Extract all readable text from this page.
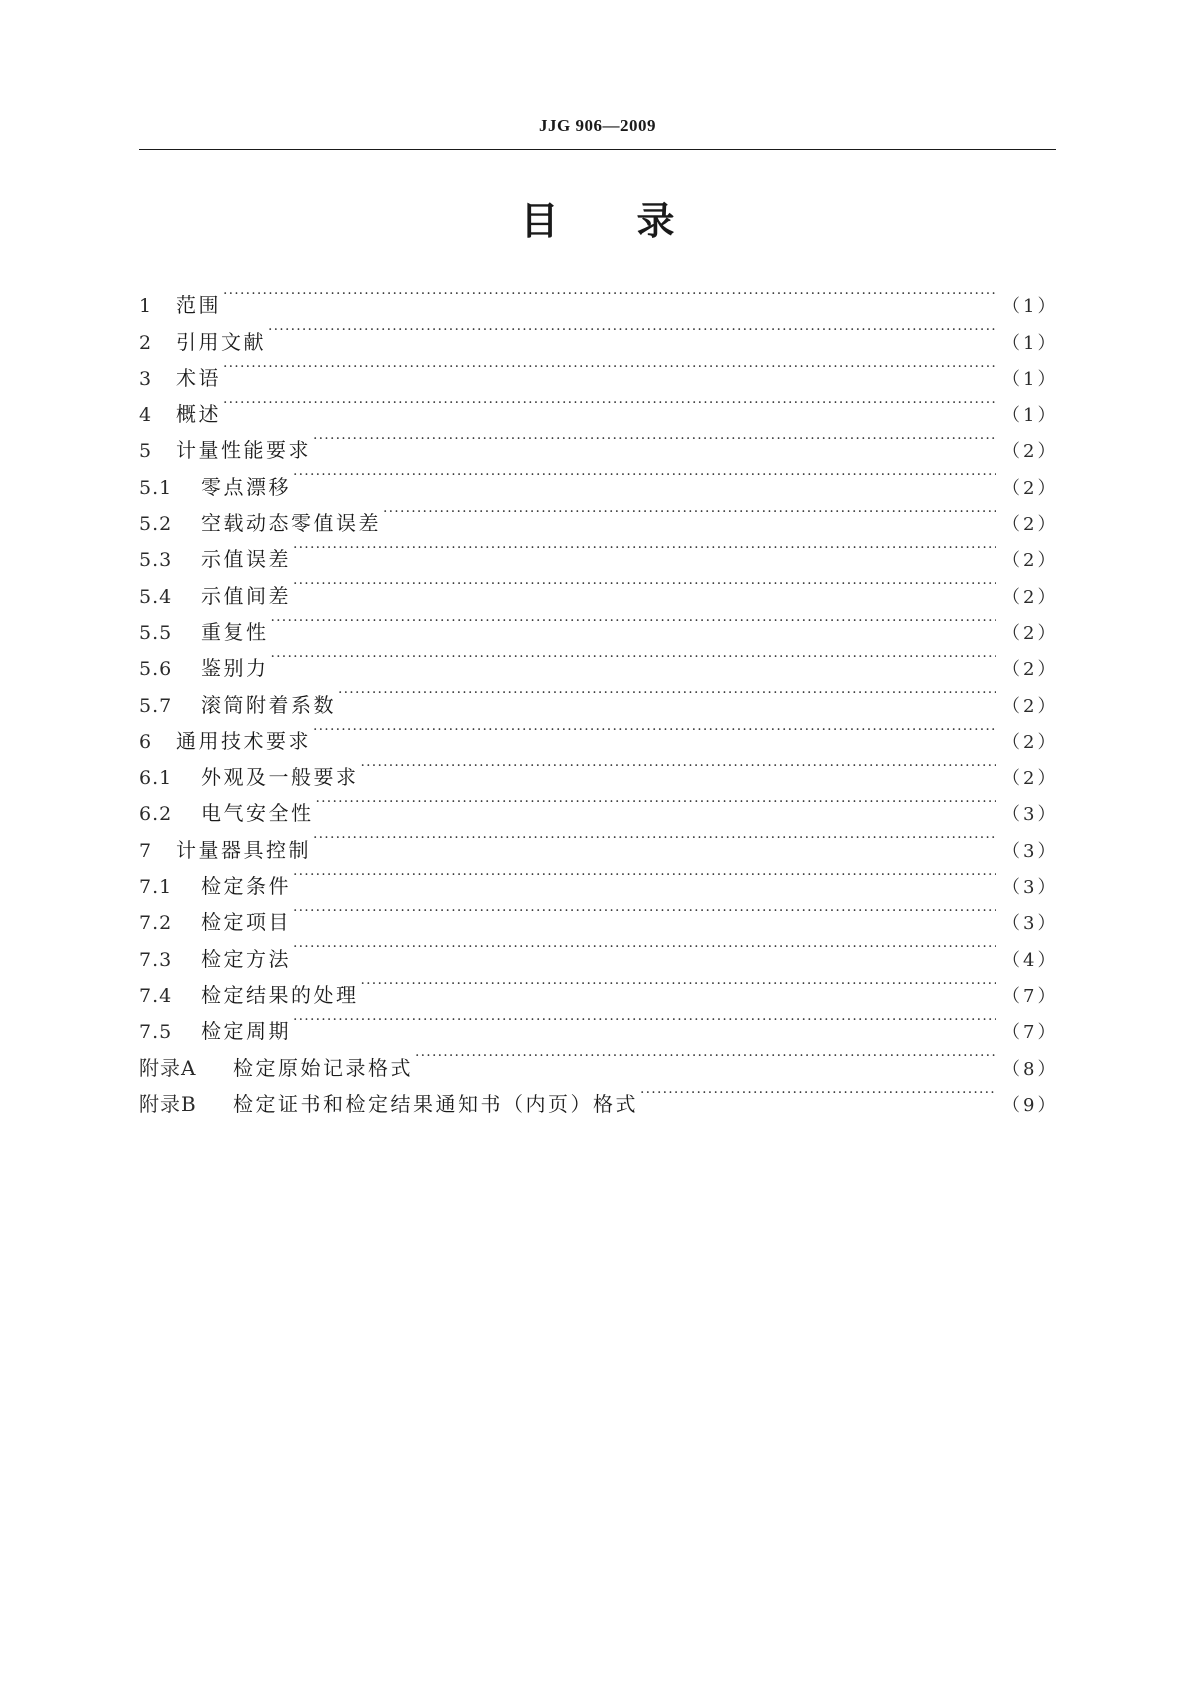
JJG 906—2009
目录
1	范围 ·····	（1）
2	引用文献 ·····	（1）
3	术语 ·····	（1）
4	概述 ·····	（1）
5	计量性能要求 ·····	（2）
5.1	零点漂移 ·····	（2）
5.2	空载动态零值误差 ·····	（2）
5.3	示值误差 ·····	（2）
5.4	示值间差 ·····	（2）
5.5	重复性 ·····	（2）
5.6	鉴别力 ·····	（2）
5.7	滚筒附着系数 ·····	（2）
6	通用技术要求 ·····	（2）
6.1	外观及一般要求 ·····	（2）
6.2	电气安全性 ·····	（3）
7	计量器具控制 ·····	（3）
7.1	检定条件 ·····	（3）
7.2	检定项目 ·····	（3）
7.3	检定方法 ·····	（4）
7.4	检定结果的处理 ·····	（7）
7.5	检定周期 ·····	（7）
附录A	检定原始记录格式 ·····	（8）
附录B	检定证书和检定结果通知书（内页）格式 ·····	（9）
